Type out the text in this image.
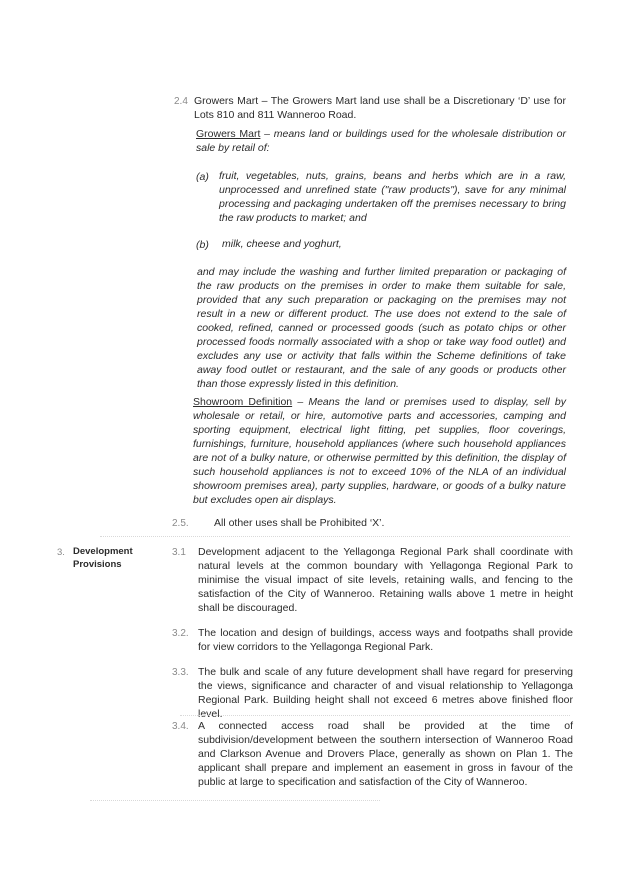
2.4 Growers Mart – The Growers Mart land use shall be a Discretionary ‘D’ use for Lots 810 and 811 Wanneroo Road.

Growers Mart – means land or buildings used for the wholesale distribution or sale by retail of:

(a) fruit, vegetables, nuts, grains, beans and herbs which are in a raw, unprocessed and unrefined state ("raw products"), save for any minimal processing and packaging undertaken off the premises necessary to bring the raw products to market; and

(b) milk, cheese and yoghurt,

and may include the washing and further limited preparation or packaging of the raw products on the premises in order to make them suitable for sale, provided that any such preparation or packaging on the premises may not result in a new or different product. The use does not extend to the sale of cooked, refined, canned or processed goods (such as potato chips or other processed foods normally associated with a shop or take way food outlet) and excludes any use or activity that falls within the Scheme definitions of take away food outlet or restaurant, and the sale of any goods or products other than those expressly listed in this definition.

Showroom Definition – Means the land or premises used to display, sell by wholesale or retail, or hire, automotive parts and accessories, camping and sporting equipment, electrical light fitting, pet supplies, floor coverings, furnishings, furniture, household appliances (where such household appliances are not of a bulky nature, or otherwise permitted by this definition, the display of such household appliances is not to exceed 10% of the NLA of an individual showroom premises area), party supplies, hardware, or goods of a bulky nature but excludes open air displays.

2.5. All other uses shall be Prohibited ‘X’.

3. Development Provisions

3.1 Development adjacent to the Yellagonga Regional Park shall coordinate with natural levels at the common boundary with Yellagonga Regional Park to minimise the visual impact of site levels, retaining walls, and fencing to the satisfaction of the City of Wanneroo. Retaining walls above 1 metre in height shall be discouraged.

3.2. The location and design of buildings, access ways and footpaths shall provide for view corridors to the Yellagonga Regional Park.

3.3. The bulk and scale of any future development shall have regard for preserving the views, significance and character of and visual relationship to Yellagonga Regional Park. Building height shall not exceed 6 metres above finished floor level.

3.4. A connected access road shall be provided at the time of subdivision/development between the southern intersection of Wanneroo Road and Clarkson Avenue and Drovers Place, generally as shown on Plan 1. The applicant shall prepare and implement an easement in gross in favour of the public at large to specification and satisfaction of the City of Wanneroo.
